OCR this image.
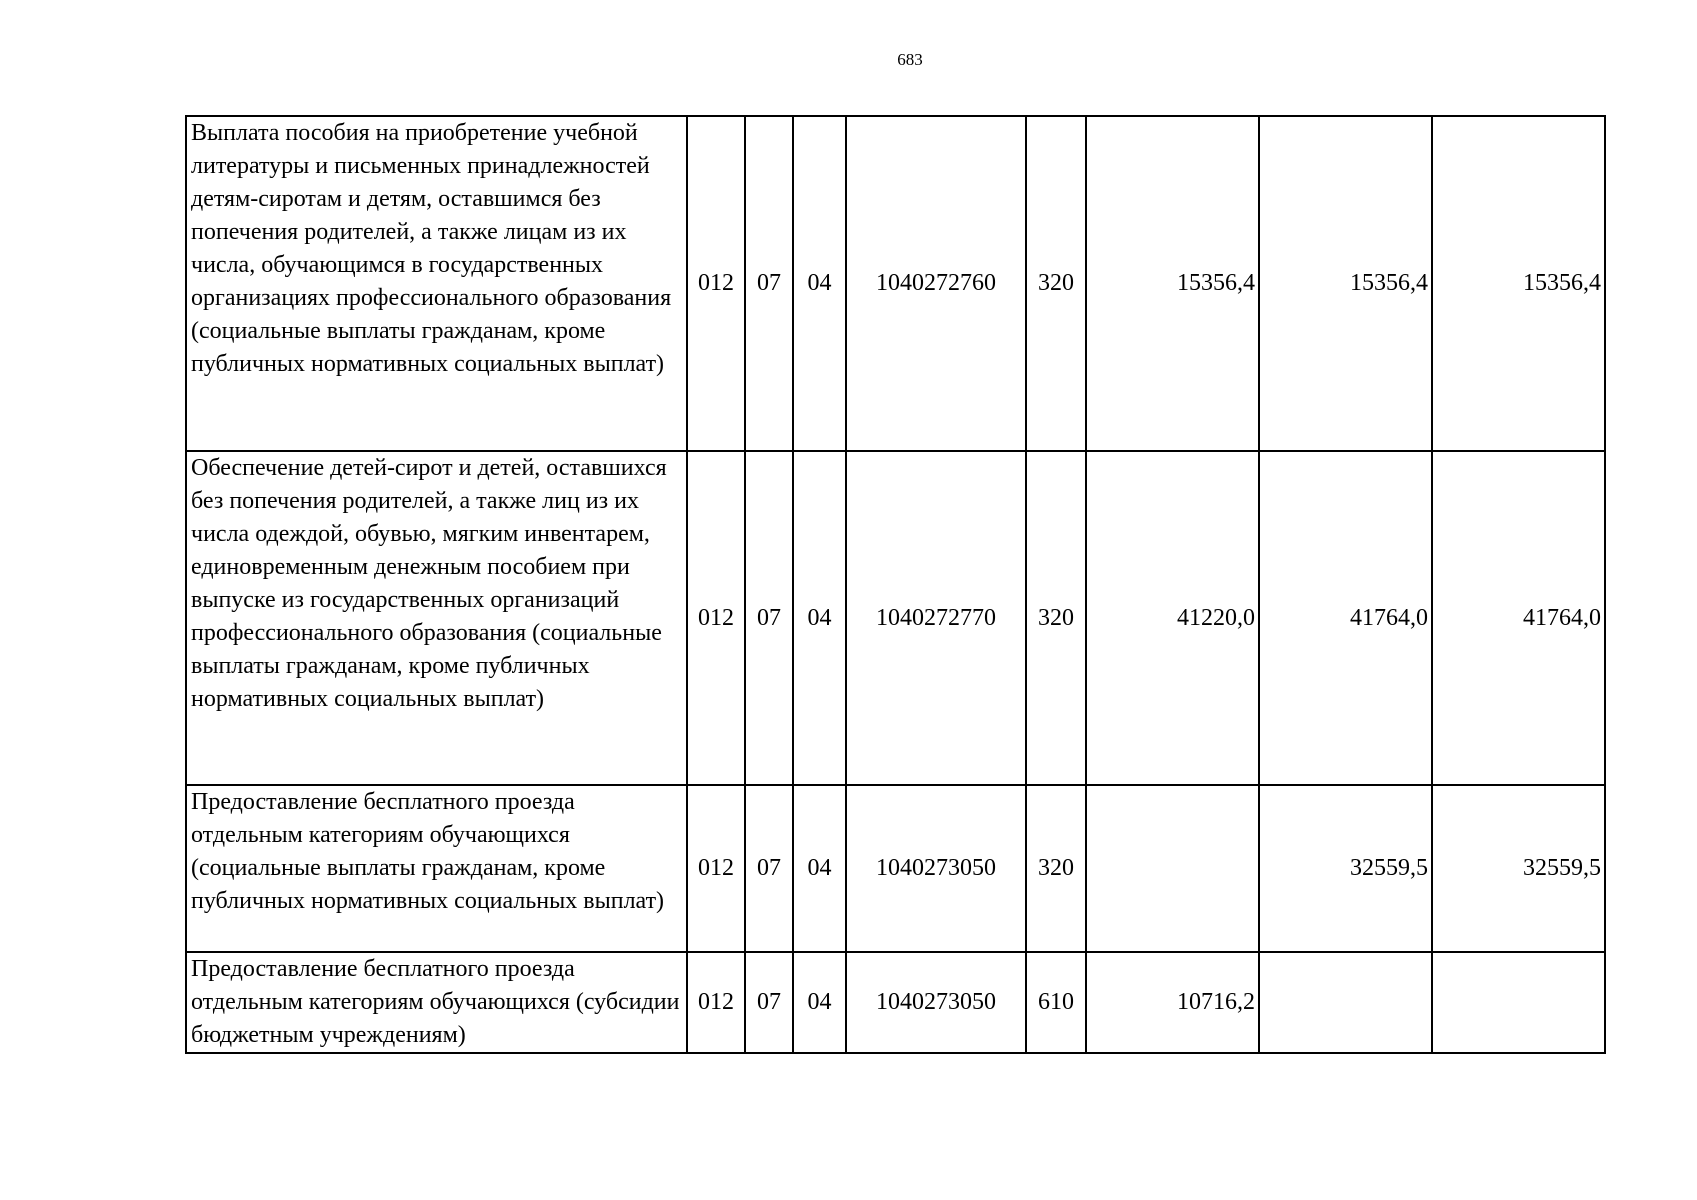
683
Выплата пособия на приобретение учебной литературы и письменных принадлежностей детям-сиротам и детям, оставшимся без попечения родителей, а также лицам из их числа, обучающимся в государственных организациях профессионального образования (социальные выплаты гражданам, кроме публичных нормативных социальных выплат)	012	07	04	1040272760	320	15356,4	15356,4	15356,4
Обеспечение детей-сирот и детей, оставшихся без попечения родителей, а также лиц из их числа одеждой, обувью, мягким инвентарем, единовременным денежным пособием при выпуске из государственных организаций профессионального образования (социальные выплаты гражданам, кроме публичных нормативных социальных выплат)	012	07	04	1040272770	320	41220,0	41764,0	41764,0
Предоставление бесплатного проезда отдельным категориям обучающихся (социальные выплаты гражданам, кроме публичных нормативных социальных выплат)	012	07	04	1040273050	320		32559,5	32559,5
Предоставление бесплатного проезда отдельным категориям обучающихся (субсидии бюджетным учреждениям)	012	07	04	1040273050	610	10716,2		
